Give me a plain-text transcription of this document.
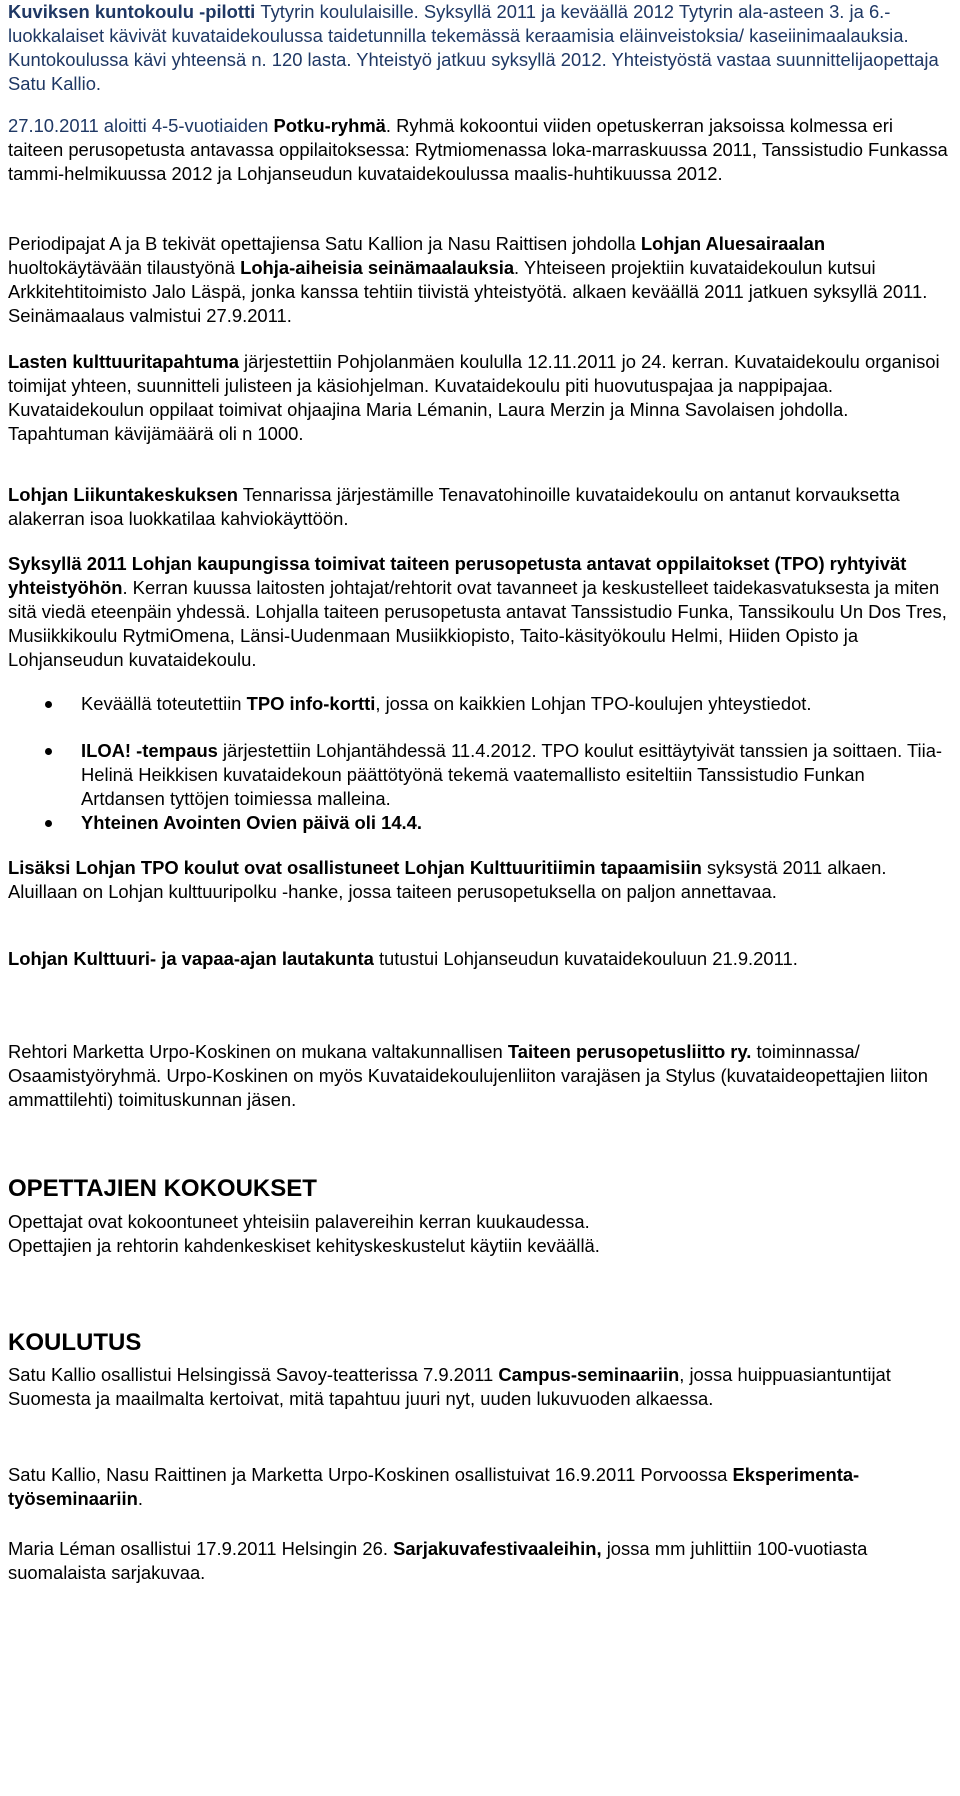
Kuviksen kuntokoulu -pilotti Tytyrin koululaisille. Syksyllä 2011 ja keväällä 2012 Tytyrin ala-asteen 3. ja 6.-luokkalaiset kävivät kuvataidekoulussa taidetunnilla tekemässä keraamisia eläinveistoksia/ kaseiinimaalauksia. Kuntokoulussa kävi yhteensä n. 120 lasta. Yhteistyö jatkuu syksyllä 2012. Yhteistyöstä vastaa suunnittelijaopettaja Satu Kallio.
27.10.2011 aloitti 4-5-vuotiaiden Potku-ryhmä. Ryhmä kokoontui viiden opetuskerran jaksoissa kolmessa eri taiteen perusopetusta antavassa oppilaitoksessa: Rytmiomenassa loka-marraskuussa 2011, Tanssistudio Funkassa tammi-helmikuussa 2012 ja Lohjanseudun kuvataidekoulussa maalis-huhtikuussa 2012.
Periodipajat A ja B tekivät opettajiensa Satu Kallion ja Nasu Raittisen johdolla Lohjan Aluesairaalan huoltokäytävään tilaustyönä Lohja-aiheisia seinämaalauksia. Yhteiseen projektiin kuvataidekoulun kutsui Arkkitehtitoimisto Jalo Läspä, jonka kanssa tehtiin tiivistä yhteistyötä. alkaen keväällä 2011 jatkuen syksyllä 2011. Seinämaalaus valmistui 27.9.2011.
Lasten kulttuuritapahtuma järjestettiin Pohjolanmäen koululla 12.11.2011 jo 24. kerran. Kuvataidekoulu organisoi toimijat yhteen, suunnitteli julisteen ja käsiohjelman. Kuvataidekoulu piti huovutuspajaa ja nappipajaa. Kuvataidekoulun oppilaat toimivat ohjaajina Maria Lémanin, Laura Merzin ja Minna Savolaisen johdolla. Tapahtuman kävijämäärä oli n 1000.
Lohjan Liikuntakeskuksen Tennarissa järjestämille Tenavatohinoille kuvataidekoulu on antanut korvauksetta alakerran isoa luokkatilaa kahviokäyttöön.
Syksyllä 2011 Lohjan kaupungissa toimivat taiteen perusopetusta antavat oppilaitokset (TPO) ryhtyivät yhteistyöhön. Kerran kuussa laitosten johtajat/rehtorit ovat tavanneet ja keskustelleet taidekasvatuksesta ja miten sitä viedä eteenpäin yhdessä. Lohjalla taiteen perusopetusta antavat Tanssistudio Funka, Tanssikoulu Un Dos Tres, Musiikkikoulu RytmiOmena, Länsi-Uudenmaan Musiikkiopisto, Taito-käsityökoulu Helmi, Hiiden Opisto ja Lohjanseudun kuvataidekoulu.
Keväällä toteutettiin TPO info-kortti, jossa on kaikkien Lohjan TPO-koulujen yhteystiedot.
ILOA! -tempaus järjestettiin Lohjantähdessä 11.4.2012. TPO koulut esittäytyivät tanssien ja soittaen. Tiia-Helinä Heikkisen kuvataidekoun päättötyönä tekemä vaatemallisto esiteltiin Tanssistudio Funkan Artdansen tyttöjen toimiessa malleina.
Yhteinen Avointen Ovien päivä oli 14.4.
Lisäksi Lohjan TPO koulut ovat osallistuneet Lohjan Kulttuuritiimin tapaamisiin syksystä 2011 alkaen. Aluillaan on Lohjan kulttuuripolku -hanke, jossa taiteen perusopetuksella on paljon annettavaa.
Lohjan Kulttuuri- ja vapaa-ajan lautakunta tutustui Lohjanseudun kuvataidekouluun 21.9.2011.
Rehtori Marketta Urpo-Koskinen on mukana valtakunnallisen Taiteen perusopetusliitto ry. toiminnassa/ Osaamistyöryhmä. Urpo-Koskinen on myös Kuvataidekoulujenliiton varajäsen ja Stylus (kuvataideopettajien liiton ammattilehti) toimituskunnan jäsen.
OPETTAJIEN KOKOUKSET
Opettajat ovat kokoontuneet yhteisiin palavereihin kerran kuukaudessa.
Opettajien ja rehtorin kahdenkeskiset kehityskeskustelut käytiin keväällä.
KOULUTUS
Satu Kallio osallistui Helsingissä Savoy-teatterissa 7.9.2011 Campus-seminaariin, jossa huippuasiantuntijat Suomesta ja maailmalta kertoivat, mitä tapahtuu juuri nyt, uuden lukuvuoden alkaessa.
Satu Kallio, Nasu Raittinen ja Marketta Urpo-Koskinen osallistuivat 16.9.2011 Porvoossa Eksperimenta-työseminaariin.
Maria Léman osallistui 17.9.2011 Helsingin 26. Sarjakuvafestivaaleihin, jossa mm juhlittiin 100-vuotiasta suomalaista sarjakuvaa.
